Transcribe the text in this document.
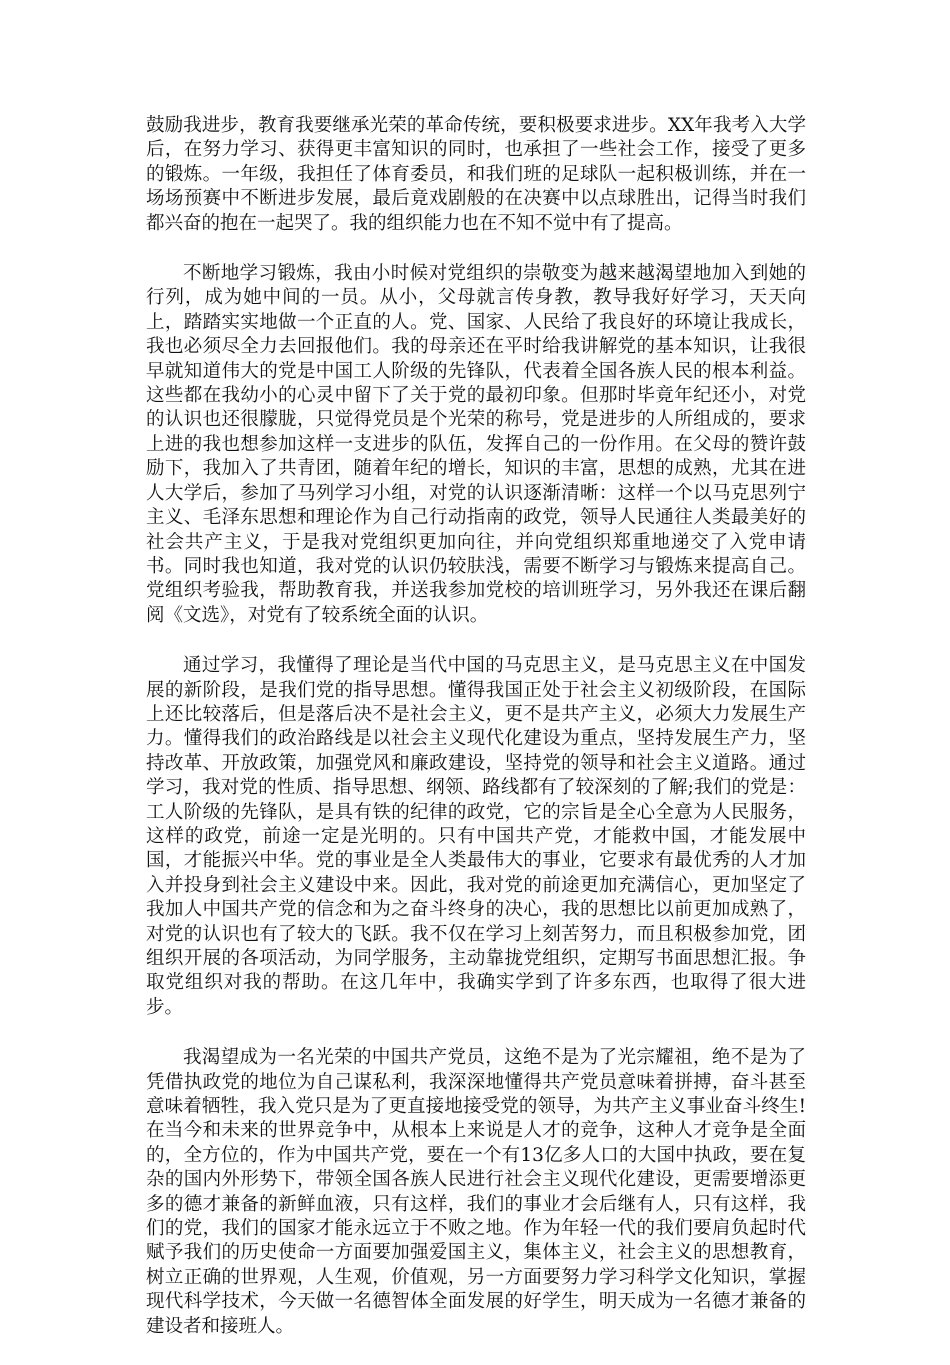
鼓励我进步，教育我要继承光荣的革命传统，要积极要求进步。XX年我考入大学后，在努力学习、获得更丰富知识的同时，也承担了一些社会工作，接受了更多的锻炼。一年级，我担任了体育委员，和我们班的足球队一起积极训练，并在一场场预赛中不断进步发展，最后竟戏剧般的在决赛中以点球胜出，记得当时我们都兴奋的抱在一起哭了。我的组织能力也在不知不觉中有了提高。

不断地学习锻炼，我由小时候对党组织的崇敬变为越来越渴望地加入到她的行列，成为她中间的一员。从小，父母就言传身教，教导我好好学习，天天向上，踏踏实实地做一个正直的人。党、国家、人民给了我良好的环境让我成长，我也必须尽全力去回报他们。我的母亲还在平时给我讲解党的基本知识，让我很早就知道伟大的党是中国工人阶级的先锋队，代表着全国各族人民的根本利益。这些都在我幼小的心灵中留下了关于党的最初印象。但那时毕竟年纪还小，对党的认识也还很朦胧，只觉得党员是个光荣的称号，党是进步的人所组成的，要求上进的我也想参加这样一支进步的队伍，发挥自己的一份作用。在父母的赞许鼓励下，我加入了共青团，随着年纪的增长，知识的丰富，思想的成熟，尤其在进人大学后，参加了马列学习小组，对党的认识逐渐清晰：这样一个以马克思列宁主义、毛泽东思想和理论作为自己行动指南的政党，领导人民通往人类最美好的社会共产主义，于是我对党组织更加向往，并向党组织郑重地递交了入党申请书。同时我也知道，我对党的认识仍较肤浅，需要不断学习与锻炼来提高自己。党组织考验我，帮助教育我，并送我参加党校的培训班学习，另外我还在课后翻阅《文选》，对党有了较系统全面的认识。

通过学习，我懂得了理论是当代中国的马克思主义，是马克思主义在中国发展的新阶段，是我们党的指导思想。懂得我国正处于社会主义初级阶段，在国际上还比较落后，但是落后决不是社会主义，更不是共产主义，必须大力发展生产力。懂得我们的政治路线是以社会主义现代化建设为重点，坚持发展生产力，坚持改革、开放政策，加强党风和廉政建设，坚持党的领导和社会主义道路。通过学习，我对党的性质、指导思想、纲领、路线都有了较深刻的了解;我们的党是：工人阶级的先锋队，是具有铁的纪律的政党，它的宗旨是全心全意为人民服务，这样的政党，前途一定是光明的。只有中国共产党，才能救中国，才能发展中国，才能振兴中华。党的事业是全人类最伟大的事业，它要求有最优秀的人才加入并投身到社会主义建设中来。因此，我对党的前途更加充满信心，更加坚定了我加人中国共产党的信念和为之奋斗终身的决心，我的思想比以前更加成熟了，对党的认识也有了较大的飞跃。我不仅在学习上刻苦努力，而且积极参加党，团组织开展的各项活动，为同学服务，主动靠拢党组织，定期写书面思想汇报。争取党组织对我的帮助。在这几年中，我确实学到了许多东西，也取得了很大进步。

我渴望成为一名光荣的中国共产党员，这绝不是为了光宗耀祖，绝不是为了凭借执政党的地位为自己谋私利，我深深地懂得共产党员意味着拼搏，奋斗甚至意味着牺牲，我入党只是为了更直接地接受党的领导，为共产主义事业奋斗终生!在当今和未来的世界竞争中，从根本上来说是人才的竞争，这种人才竞争是全面的，全方位的，作为中国共产党，要在一个有13亿多人口的大国中执政，要在复杂的国内外形势下，带领全国各族人民进行社会主义现代化建设，更需要增添更多的德才兼备的新鲜血液，只有这样，我们的事业才会后继有人，只有这样，我们的党，我们的国家才能永远立于不败之地。作为年轻一代的我们要肩负起时代赋予我们的历史使命一方面要加强爱国主义，集体主义，社会主义的思想教育，树立正确的世界观，人生观，价值观，另一方面要努力学习科学文化知识，掌握现代科学技术，今天做一名德智体全面发展的好学生，明天成为一名德才兼备的建设者和接班人。
